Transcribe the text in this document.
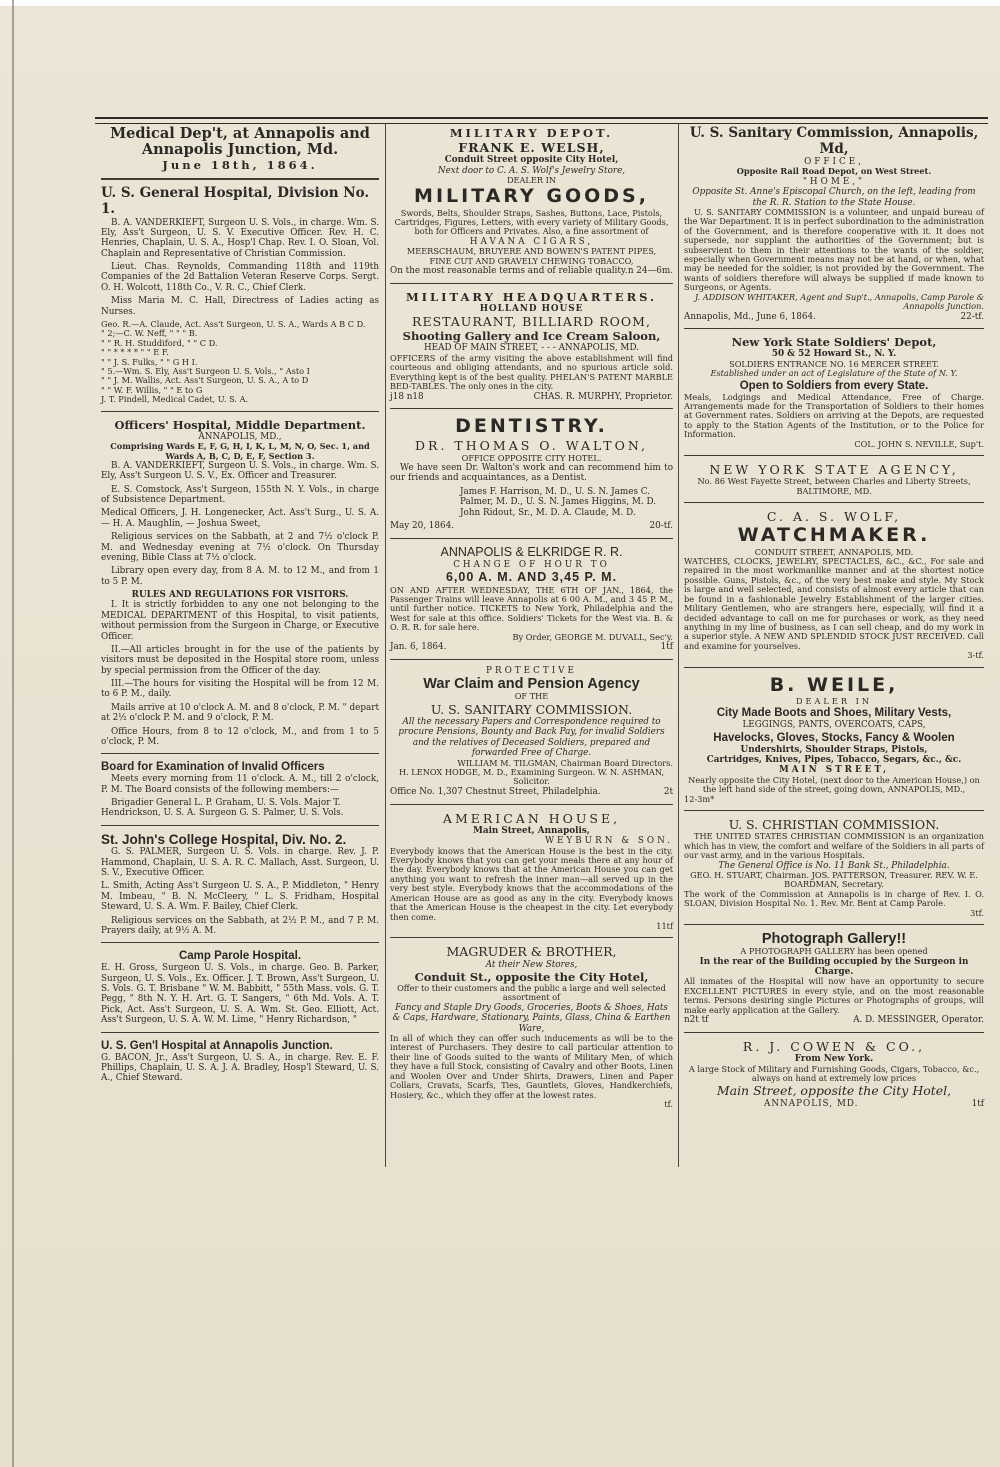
Medical Dep't, at Annapolis and Annapolis Junction, Md.
June 18th, 1864.
U. S. General Hospital, Division No. 1.
B. A. VANDERKIEFT, Surgeon U. S. Vols., in charge. Wm. S. Ely, Ass't Surgeon, U. S. V. Executive Officer. Rev. H. C. Henries, Chaplain, U. S. A., Hosp'l Chap. Rev. I. O. Sloan, Vol. Chaplain and Representative of Christian Commission.
Lieut. Chas. Reynolds, Commanding 118th and 119th Companies of the 2d Battalion Veteran Reserve Corps. Sergt. O. H. Wolcott, 118th Co., V. R. C., Chief Clerk.
Miss Maria M. C. Hall, Directress of Ladies acting as Nurses.
Geo. R.—A. Claude, Act. Ass't Surgeon, U. S. A., Wards A B C D.
" 2;—C. W. Neff, " " " B.
" " R. H. Studdiford, " " C D.
" " * * * * " " E F.
" " J. S. Fulks, " " G H I.
" 5.—Wm. S. Ely, Ass't Surgeon U. S. Vols., " Asto I
" " J. M. Wallis, Act. Ass't Surgeon, U. S. A., A to D
" " W. F. Willis, " " E to G
J. T. Pindell, Medical Cadet, U. S. A.
Officers' Hospital, Middle Department.
ANNAPOLIS, MD.,
Comprising Wards E, F, G, H, I, K, L, M, N, O, Sec. 1, and Wards A, B, C, D, E, F, Section 3.
B. A. VANDERKIEFT, Surgeon U. S. Vols., in charge. Wm. S. Ely, Ass't Surgeon U. S. V., Ex. Officer and Treasurer.
E. S. Comstock, Ass't Surgeon, 155th N. Y. Vols., in charge of Subsistence Department.
Medical Officers, J. H. Longenecker, Act. Ass't Surg., U. S. A. — H. A. Maughlin, — Joshua Sweet,
Religious services on the Sabbath, at 2 and 7½ o'clock P. M. and Wednesday evening at 7½ o'clock. On Thursday evening, Bible Class at 7½ o'clock.
Library open every day, from 8 A. M. to 12 M., and from 1 to 5 P. M.
RULES AND REGULATIONS FOR VISITORS.
I. It is strictly forbidden to any one not belonging to the MEDICAL DEPARTMENT of this Hospital, to visit patients, without permission from the Surgeon in Charge, or Executive Officer.
II.—All articles brought in for the use of the patients by visitors must be deposited in the Hospital store room, unless by special permission from the Officer of the day.
III.—The hours for visiting the Hospital will be from 12 M. to 6 P. M., daily.
Mails arrive at 10 o'clock A. M. and 8 o'clock, P. M. " depart at 2½ o'clock P. M. and 9 o'clock, P. M.
Office Hours, from 8 to 12 o'clock, M., and from 1 to 5 o'clock, P. M.
Board for Examination of Invalid Officers
Meets every morning from 11 o'clock. A. M., till 2 o'clock, P. M. The Board consists of the following members:—
Brigadier General L. P. Graham, U. S. Vols. Major T. Hendrickson, U. S. A. Surgeon G. S. Palmer, U. S. Vols.
St. John's College Hospital, Div. No. 2.
G. S. PALMER, Surgeon U. S. Vols. in charge. Rev. J. P. Hammond, Chaplain, U. S. A. R. C. Mallach, Asst. Surgeon, U. S. V., Executive Officer.
L. Smith, Acting Ass't Surgeon U. S. A., P. Middleton, " Henry M. Imbeau, " B. N. McCleery, " L. S. Fridham, Hospital Steward, U. S. A. Wm. F. Bailey, Chief Clerk.
Religious services on the Sabbath, at 2½ P. M., and 7 P. M. Prayers daily, at 9½ A. M.
Camp Parole Hospital.
E. H. Gross, Surgeon U. S. Vols., in charge. Geo. B. Parker, Surgeon, U. S. Vols., Ex. Officer. J. T. Brown, Ass't Surgeon, U. S. Vols. G. T. Brisbane " W. M. Babbitt, " 55th Mass. vols. G. T. Pegg, " 8th N. Y. H. Art. G. T. Sangers, " 6th Md. Vols. A. T. Pick, Act. Ass't Surgeon, U. S. A. Wm. St. Geo. Elliott, Act. Ass't Surgeon, U. S. A. W. M. Lime, " Henry Richardson, "
U. S. Gen'l Hospital at Annapolis Junction.
G. BACON, Jr., Ass't Surgeon, U. S. A., in charge. Rev. E. F. Phillips, Chaplain, U. S. A. J. A. Bradley, Hosp'l Steward, U. S. A., Chief Steward.
MILITARY DEPOT.
FRANK E. WELSH,
Conduit Street opposite City Hotel,
Next door to C. A. S. Wolf's Jewelry Store,
DEALER IN
MILITARY GOODS,
Swords, Belts, Shoulder Straps, Sashes, Buttons, Lace, Pistols, Cartridges, Figures, Letters, with every variety of Military Goods, both for Officers and Privates. Also, a fine assortment of
HAVANA CIGARS,
MEERSCHAUM, BRUYERE AND BOWEN'S PATENT PIPES,
FINE CUT AND GRAVELY CHEWING TOBACCO,
On the most reasonable terms and of reliable quality. n 24—6m.
MILITARY HEADQUARTERS.
HOLLAND HOUSE
RESTAURANT, BILLIARD ROOM,
Shooting Gallery and Ice Cream Saloon,
HEAD OF MAIN STREET, - - - ANNAPOLIS, MD.
OFFICERS of the army visiting the above establishment will find courteous and obliging attendants, and no spurious article sold. Everything kept is of the best quality. PHELAN'S PATENT MARBLE BED-TABLES. The only ones in the city.
j18 n18	CHAS. R. MURPHY, Proprietor.
DENTISTRY.
DR. THOMAS O. WALTON,
OFFICE OPPOSITE CITY HOTEL.
We have seen Dr. Walton's work and can recommend him to our friends and acquaintances, as a Dentist.
James F. Harrison, M. D., U. S. N. James C. Palmer, M. D., U. S. N. James Higgins, M. D. John Ridout, Sr., M. D. A. Claude, M. D.
May 20, 1864.	20-tf.
ANNAPOLIS & ELKRIDGE R. R.
CHANGE OF HOUR TO
6,00 A. M. AND 3,45 P. M.
ON AND AFTER WEDNESDAY, THE 6TH OF JAN., 1864, the Passenger Trains will leave Annapolis at 6 00 A. M., and 3 45 P. M., until further notice. TICKETS to New York, Philadelphia and the West for sale at this office. Soldiers' Tickets for the West via. B. & O. R. R. for sale here.
By Order, GEORGE M. DUVALL, Sec'y.
Jan. 6, 1864.	1tf
PROTECTIVE
War Claim and Pension Agency
OF THE
U. S. SANITARY COMMISSION.
All the necessary Papers and Correspondence required to procure Pensions, Bounty and Back Pay, for invalid Soldiers and the relatives of Deceased Soldiers, prepared and forwarded Free of Charge.
WILLIAM M. TILGMAN, Chairman Board Directors.
H. LENOX HODGE, M. D., Examining Surgeon. W. N. ASHMAN, Solicitor.
Office No. 1,307 Chestnut Street, Philadelphia.	2t
AMERICAN HOUSE,
Main Street, Annapolis,
WEYBURN & SON.
Everybody knows that the American House is the best in the city. Everybody knows that you can get your meals there at any hour of the day. Everybody knows that at the American House you can get anything you want to refresh the inner man—all served up in the very best style. Everybody knows that the accommodations of the American House are as good as any in the city. Everybody knows that the American House is the cheapest in the city. Let everybody then come.
11tf
MAGRUDER & BROTHER,
At their New Stores,
Conduit St., opposite the City Hotel,
Offer to their customers and the public a large and well selected assortment of
Fancy and Staple Dry Goods, Groceries, Boots & Shoes, Hats & Caps, Hardware, Stationary, Paints, Glass, China & Earthen Ware,
In all of which they can offer such inducements as will be to the interest of Purchasers. They desire to call particular attention to their line of Goods suited to the wants of Military Men, of which they have a full Stock, consisting of Cavalry and other Boots, Linen and Woolen Over and Under Shirts, Drawers, Linen and Paper Collars, Cravats, Scarfs, Ties, Gauntlets, Gloves, Handkerchiefs, Hosiery, &c., which they offer at the lowest rates.
tf.
U. S. Sanitary Commission, Annapolis, Md,
OFFICE,
Opposite Rail Road Depot, on West Street.
"HOME,"
Opposite St. Anne's Episcopal Church, on the left, leading from the R. R. Station to the State House.
U. S. SANITARY COMMISSION is a volunteer, and unpaid bureau of the War Department. It is in perfect subordination to the administration of the Government, and is therefore cooperative with it. It does not supersede, nor supplant the authorities of the Government; but is subservient to them in their attentions to the wants of the soldier, especially when Government means may not be at hand, or when, what may be needed for the soldier, is not provided by the Government. The wants of soldiers therefore will always be supplied if made known to Surgeons, or Agents.
J. ADDISON WHITAKER, Agent and Sup't., Annapolis, Camp Parole & Annapolis Junction.
Annapolis, Md., June 6, 1864.	22-tf.
New York State Soldiers' Depot,
50 & 52 Howard St., N. Y.
SOLDIERS ENTRANCE NO. 16 MERCER STREET.
Established under an act of Legislature of the State of N. Y.
Open to Soldiers from every State.
Meals, Lodgings and Medical Attendance, Free of Charge. Arrangements made for the Transportation of Soldiers to their homes at Government rates. Soldiers on arriving at the Depots, are requested to apply to the Station Agents of the Institution, or to the Police for Information.
COL. JOHN S. NEVILLE, Sup't.
NEW YORK STATE AGENCY,
No. 86 West Fayette Street, between Charles and Liberty Streets, BALTIMORE, MD.
C. A. S. WOLF,
WATCHMAKER.
CONDUIT STREET, ANNAPOLIS, MD.
WATCHES, CLOCKS, JEWELRY, SPECTACLES, &C., &C., For sale and repaired in the most workmanlike manner and at the shortest notice possible. Guns, Pistols, &c., of the very best make and style. My Stock is large and well selected, and consists of almost every article that can be found in a fashionable Jewelry Establishment of the larger cities. Military Gentlemen, who are strangers here, especially, will find it a decided advantage to call on me for purchases or work, as they need anything in my line of business, as I can sell cheap, and do my work in a superior style. A NEW AND SPLENDID STOCK JUST RECEIVED. Call and examine for yourselves.
3-tf.
B. WEILE,
DEALER IN
City Made Boots and Shoes, Military Vests,
LEGGINGS, PANTS, OVERCOATS, CAPS,
Havelocks, Gloves, Stocks, Fancy & Woolen
Undershirts, Shoulder Straps, Pistols,
Cartridges, Knives, Pipes, Tobacco, Segars, &c., &c.
MAIN STREET,
Nearly opposite the City Hotel, (next door to the American House,) on the left hand side of the street, going down, ANNAPOLIS, MD.,
12-3m*
U. S. CHRISTIAN COMMISSION.
THE UNITED STATES CHRISTIAN COMMISSION is an organization which has in view, the comfort and welfare of the Soldiers in all parts of our vast army, and in the various Hospitals.
The General Office is No. 11 Bank St., Philadelphia.
GEO. H. STUART, Chairman. JOS. PATTERSON, Treasurer. REV. W. E. BOARDMAN, Secretary.
The work of the Commission at Annapolis is in charge of Rev. I. O. SLOAN, Division Hospital No. 1. Rev. Mr. Bent at Camp Parole.
3tf.
Photograph Gallery!!
A PHOTOGRAPH GALLERY has been opened
In the rear of the Building occupied by the Surgeon in Charge.
All inmates of the Hospital will now have an opportunity to secure EXCELLENT PICTURES in every style, and on the most reasonable terms. Persons desiring single Pictures or Photographs of groups, will make early application at the Gallery.
n2t tf	A. D. MESSINGER, Operator.
R. J. COWEN & CO.,
From New York.
A large Stock of Military and Furnishing Goods, Cigars, Tobacco, &c., always on hand at extremely low prices
Main Street, opposite the City Hotel,
ANNAPOLIS, MD.	1tf
